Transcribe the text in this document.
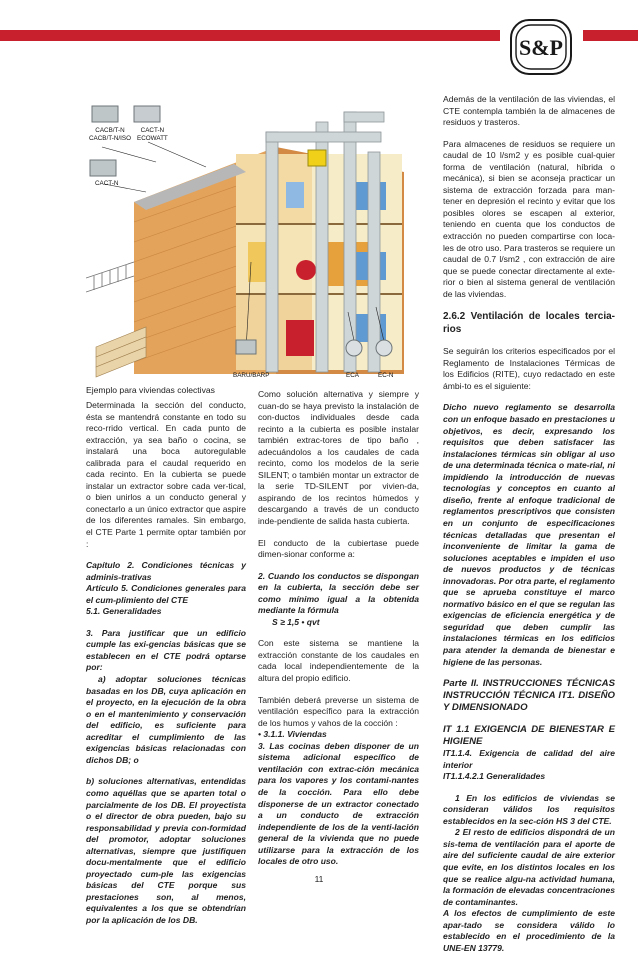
S&P
CACB/T-N
CACB/T-N/ISO
CACT-N
ECOWATT
CACT-N
BARU/BARP	ECA	EC-N
Ejemplo para viviendas colectivas

Determinada la sección del conducto, ésta se mantendrá constante en todo su reco-rrido vertical. En cada punto de extracción, ya sea baño o cocina, se instalará una boca autoregulable calibrada para el caudal requerido en cada recinto. En la cubierta se puede instalar un extractor sobre cada ver-tical, o bien unirlos a un conducto general y conectarlo a un único extractor que aspire de los diferentes ramales. Sin embargo, el CTE Parte 1 permite optar también por :

Capítulo 2. Condiciones técnicas y adminis-trativas
Artículo 5. Condiciones generales para el cum-plimiento del CTE

5.1. Generalidades

3. Para justificar que un edificio cumple las exi-gencias básicas que se establecen en el CTE podrá optarse por:

a) adoptar soluciones técnicas basadas en los DB, cuya aplicación en el proyecto, en la ejecución de la obra o en el mantenimiento y conservación del edificio, es suficiente para acreditar el cumplimiento de las exigencias básicas relacionadas con dichos DB; o

b) soluciones alternativas, entendidas como aquéllas que se aparten total o parcialmente de los DB. El proyectista o el director de obra pueden, bajo su responsabilidad y previa con-formidad del promotor, adoptar soluciones alternativas, siempre que justifiquen docu-mentalmente que el edificio proyectado cum-ple las exigencias básicas del CTE porque sus prestaciones son, al menos, equivalentes a los que se obtendrían por la aplicación de los DB.

Como solución alternativa y siempre y cuan-do se haya previsto la instalación de con-ductos individuales desde cada recinto a la cubierta es posible instalar también extrac-tores de tipo baño , adecuándolos a los caudales de cada recinto, como los modelos de la serie SILENT; o también montar un extractor de la serie TD-SILENT por vivien-da, aspirando de los recintos húmedos y descargando a través de un conducto inde-pendiente de salida hasta cubierta.

El conducto de la cubiertase puede dimen-sionar conforme a:

2. Cuando los conductos se dispongan en la cubierta, la sección debe ser como mínimo igual a la obtenida mediante la fórmula

S ≥ 1,5 • qvt

Con este sistema se mantiene la extracción constante de los caudales en cada local independientemente de la altura del propio edificio.

También deberá preverse un sistema de ventilación específico para la extracción de los humos y vahos de la cocción :
• 3.1.1. Viviendas

3. Las cocinas deben disponer de un sistema adicional específico de ventilación con extrac-ción mecánica para los vapores y los contami-nantes de la cocción. Para ello debe disponerse de un extractor conectado a un conducto de extracción independiente de los de la venti-lación general de la vivienda que no puede utilizarse para la extracción de los locales de otro uso.

Además de la ventilación de las viviendas, el CTE contempla también la de almacenes de residuos y trasteros.

Para almacenes de residuos se requiere un caudal de 10 l/sm2 y es posible cual-quier forma de ventilación (natural, híbrida o mecánica), si bien se aconseja practicar un sistema de extracción forzada para man-tener en depresión el recinto y evitar que los posibles olores se escapen al exterior, teniendo en cuenta que los conductos de extracción no pueden compartirse con loca-les de otro uso. Para trasteros se requiere un caudal de 0.7 l/sm2 , con extracción de aire que se puede conectar directamente al exte-rior o bien al sistema general de ventilación de las viviendas.

2.6.2 Ventilación de locales tercia-rios

Se seguirán los criterios especificados por el Reglamento de Instalaciones Térmicas de los Edificios (RITE), cuyo redactado en este ámbi-to es el siguiente:

Dicho nuevo reglamento se desarrolla con un enfoque basado en prestaciones u objetivos, es decir, expresando los requisitos que deben satisfacer las instalaciones térmicas sin obligar al uso de una determinada técnica o mate-rial, ni impidiendo la introducción de nuevas tecnologías y conceptos en cuanto al diseño, frente al enfoque tradicional de reglamentos prescriptivos que consisten en un conjunto de especificaciones técnicas detalladas que presentan el inconveniente de limitar la gama de soluciones aceptables e impiden el uso de nuevos productos y de técnicas innovadoras. Por otra parte, el reglamento que se aprueba constituye el marco normativo básico en el que se regulan las exigencias de eficiencia energética y de seguridad que deben cumplir las instalaciones térmicas en los edificios para atender la demanda de bienestar e higiene de las personas.

Parte II. INSTRUCCIONES TÉCNICAS INSTRUCCIÓN TÉCNICA IT1. DISEÑO Y DIMENSIONADO

IT 1.1 EXIGENCIA DE BIENESTAR E HIGIENE
IT1.1.4. Exigencia de calidad del aire interior

IT1.1.4.2.1 Generalidades

1 En los edificios de viviendas se consideran válidos los requisitos establecidos en la sec-ción HS 3 del CTE.
2 El resto de edificios dispondrá de un sis-tema de ventilación para el aporte de aire del suficiente caudal de aire exterior que evite, en los distintos locales en los que se realice algu-na actividad humana, la formación de elevadas concentraciones de contaminantes.
A los efectos de cumplimiento de este apar-tado se considera válido lo establecido en el procedimiento de la UNE-EN 13779.
11
